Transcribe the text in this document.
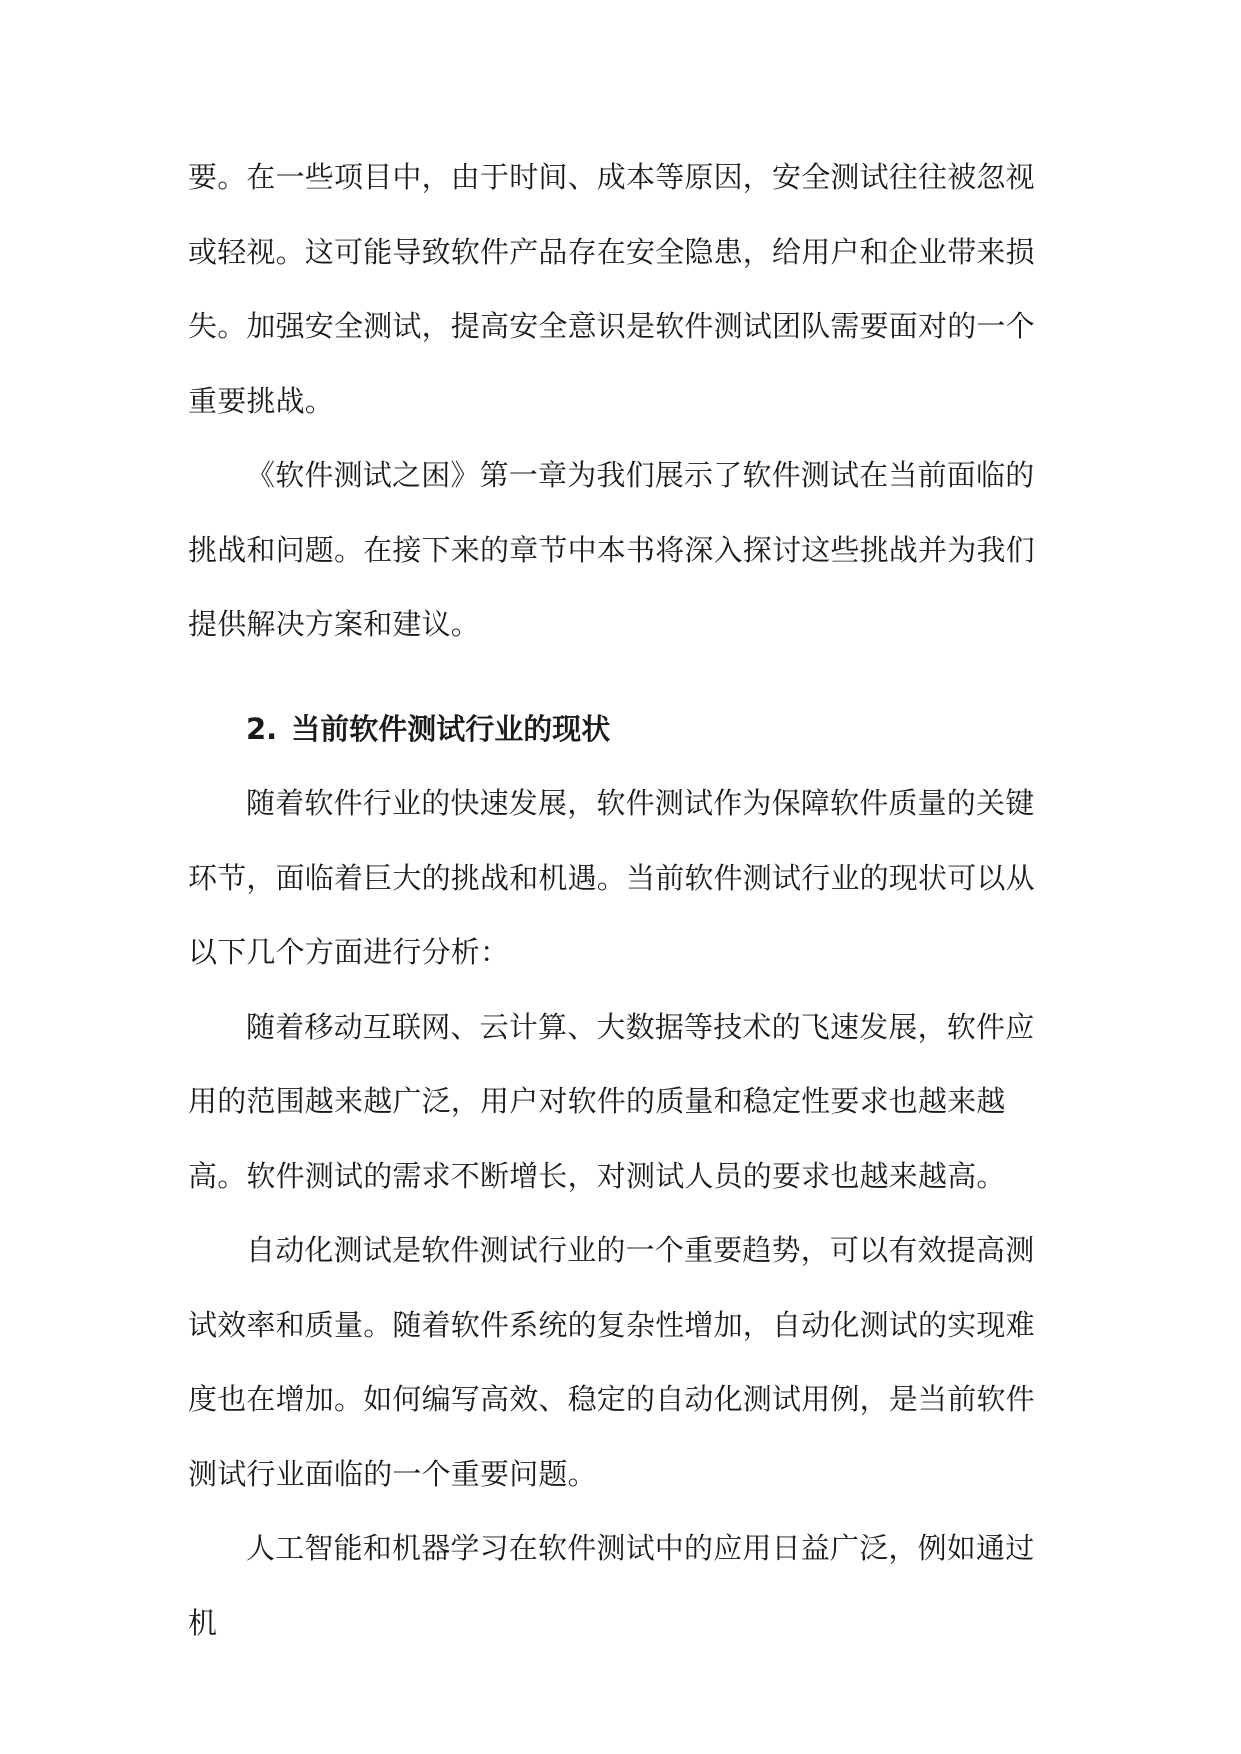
要。在一些项目中，由于时间、成本等原因，安全测试往往被忽视或轻视。这可能导致软件产品存在安全隐患，给用户和企业带来损失。加强安全测试，提高安全意识是软件测试团队需要面对的一个重要挑战。

《软件测试之困》第一章为我们展示了软件测试在当前面临的挑战和问题。在接下来的章节中本书将深入探讨这些挑战并为我们提供解决方案和建议。

2. 当前软件测试行业的现状

随着软件行业的快速发展，软件测试作为保障软件质量的关键环节，面临着巨大的挑战和机遇。当前软件测试行业的现状可以从以下几个方面进行分析：

随着移动互联网、云计算、大数据等技术的飞速发展，软件应用的范围越来越广泛，用户对软件的质量和稳定性要求也越来越高。软件测试的需求不断增长，对测试人员的要求也越来越高。

自动化测试是软件测试行业的一个重要趋势，可以有效提高测试效率和质量。随着软件系统的复杂性增加，自动化测试的实现难度也在增加。如何编写高效、稳定的自动化测试用例，是当前软件测试行业面临的一个重要问题。

人工智能和机器学习在软件测试中的应用日益广泛，例如通过机
